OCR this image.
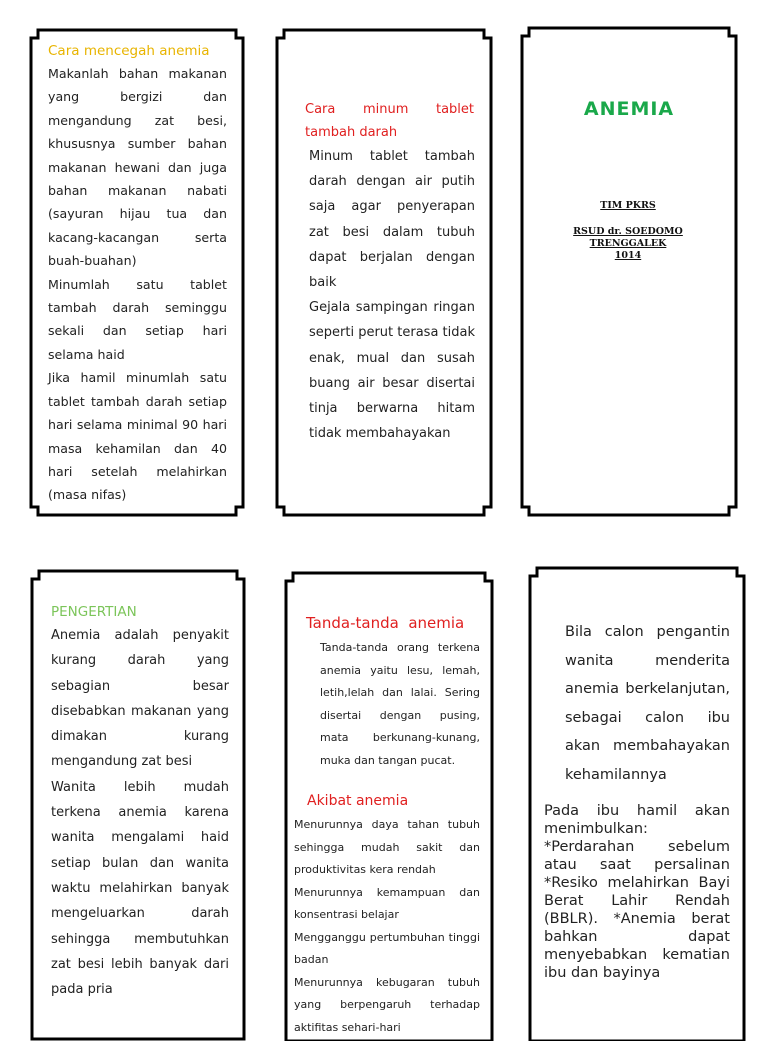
Cara mencegah anemia

Makanlah bahan makanan yang bergizi dan mengandung zat besi, khususnya sumber bahan makanan hewani dan juga bahan makanan nabati (sayuran hijau tua dan kacang-kacangan serta buah-buahan)

Minumlah satu tablet tambah darah seminggu sekali dan setiap hari selama haid

Jika hamil minumlah satu tablet tambah darah setiap hari selama minimal 90 hari masa kehamilan dan 40 hari setelah melahirkan (masa nifas)

Cara minum tablet tambah darah

Minum tablet tambah darah dengan air putih saja agar penyerapan zat besi dalam tubuh dapat berjalan dengan baik

Gejala sampingan ringan seperti perut terasa tidak enak, mual dan susah buang air besar disertai tinja berwarna hitam tidak membahayakan

ANEMIA

TIM PKRS

RSUD dr. SOEDOMO

TRENGGALEK

1014

PENGERTIAN

Anemia adalah penyakit kurang darah yang sebagian besar disebabkan makanan yang dimakan kurang mengandung zat besi

Wanita lebih mudah terkena anemia karena wanita mengalami haid setiap bulan dan wanita waktu melahirkan banyak mengeluarkan darah sehingga membutuhkan zat besi lebih banyak dari pada pria

Tanda-tanda  anemia

Tanda-tanda orang terkena anemia yaitu lesu, lemah, letih,lelah dan lalai. Sering disertai dengan pusing, mata berkunang-kunang, muka dan tangan pucat.

Akibat anemia

Menurunnya daya tahan tubuh sehingga mudah sakit dan produktivitas kera rendah

Menurunnya kemampuan dan konsentrasi belajar

Mengganggu pertumbuhan tinggi badan

Menurunnya kebugaran tubuh yang berpengaruh terhadap aktifitas sehari-hari

Bila calon pengantin wanita menderita anemia berkelanjutan, sebagai calon ibu akan membahayakan kehamilannya

Pada ibu hamil akan menimbulkan: *Perdarahan sebelum atau saat persalinan *Resiko melahirkan Bayi Berat Lahir Rendah (BBLR). *Anemia berat bahkan dapat menyebabkan kematian ibu dan bayinya
